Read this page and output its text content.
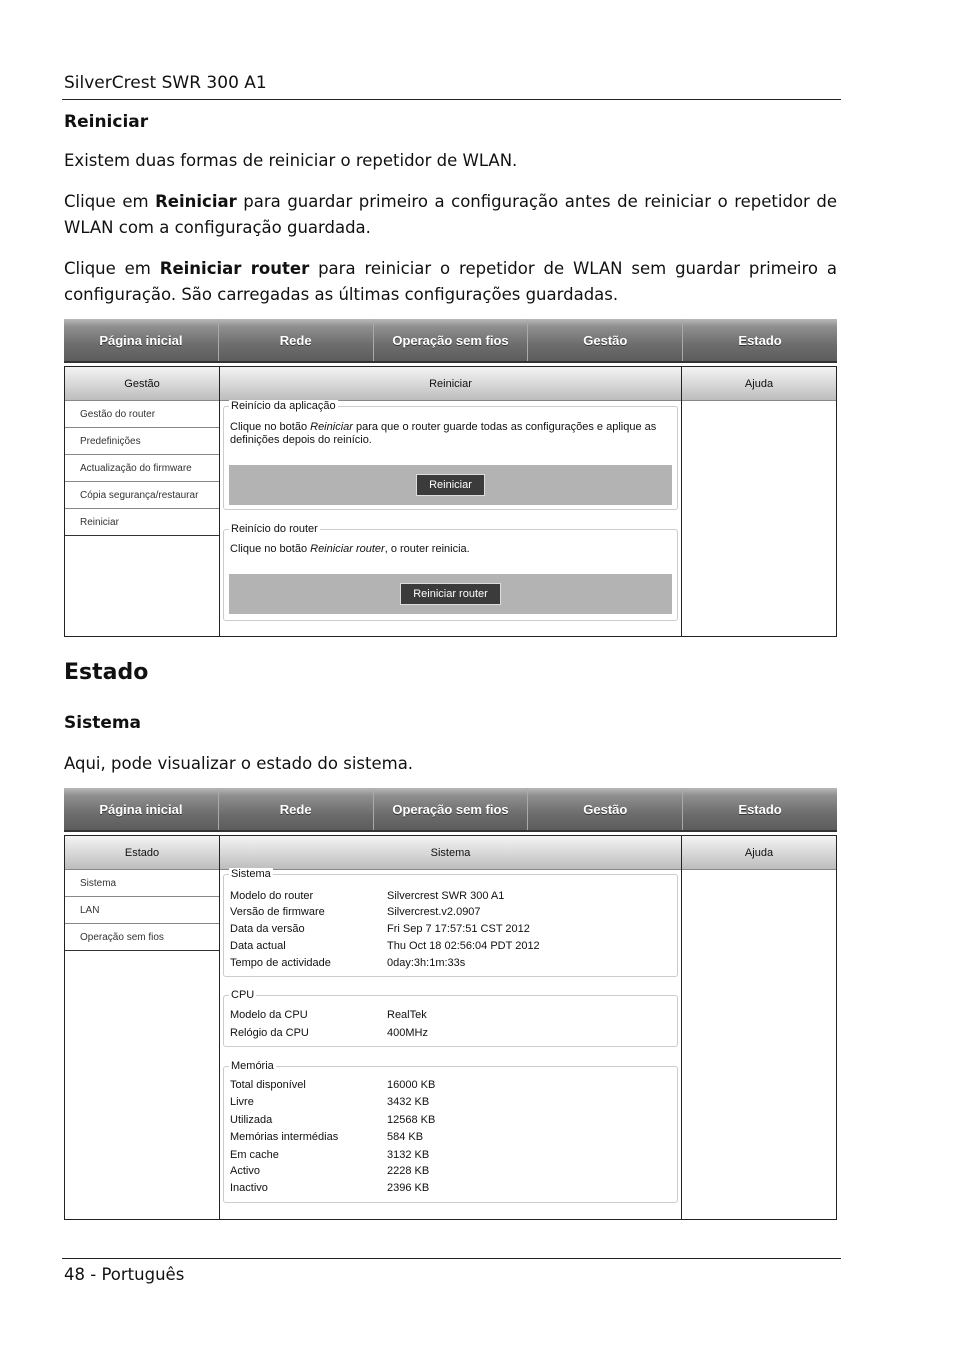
SilverCrest SWR 300 A1
Reiniciar
Existem duas formas de reiniciar o repetidor de WLAN.
Clique em Reiniciar para guardar primeiro a configuração antes de reiniciar o repetidor de WLAN com a configuração guardada.
Clique em Reiniciar router para reiniciar o repetidor de WLAN sem guardar primeiro a configuração. São carregadas as últimas configurações guardadas.
Página inicial	Rede	Operação sem fios	Gestão	Estado
Gestão
Gestão do router
Predefinições
Actualização do firmware
Cópia segurança/restaurar
Reiniciar
Reiniciar
Reinício da aplicação
Clique no botão Reiniciar para que o router guarde todas as configurações e aplique as definições depois do reinício.
Reiniciar
Reinício do router
Clique no botão Reiniciar router, o router reinicia.
Reiniciar router
Ajuda
Estado
Sistema
Aqui, pode visualizar o estado do sistema.
Página inicial	Rede	Operação sem fios	Gestão	Estado
Estado
Sistema
LAN
Operação sem fios
Sistema
Sistema
Modelo do router	Silvercrest SWR 300 A1
Versão de firmware	Silvercrest.v2.0907
Data da versão	Fri Sep 7 17:57:51 CST 2012
Data actual	Thu Oct 18 02:56:04 PDT 2012
Tempo de actividade	0day:3h:1m:33s
CPU
Modelo da CPU	RealTek
Relógio da CPU	400MHz
Memória
Total disponível	16000 KB
Livre	3432 KB
Utilizada	12568 KB
Memórias intermédias	584 KB
Em cache	3132 KB
Activo	2228 KB
Inactivo	2396 KB
Ajuda
48 - Português
